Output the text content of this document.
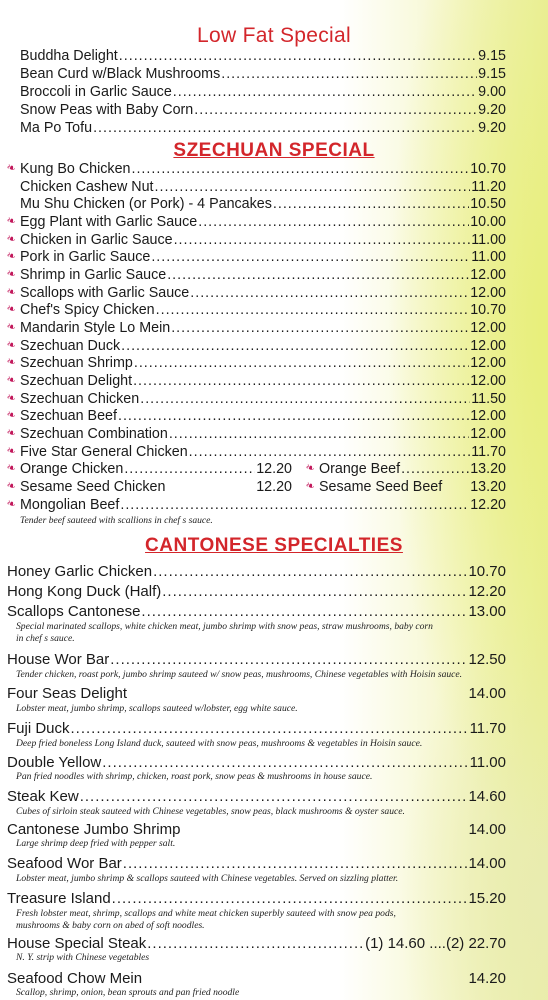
Low Fat Special
Buddha Delight .....	9.15
Bean Curd w/Black Mushrooms .....	9.15
Broccoli in Garlic Sauce .....	9.00
Snow Peas with Baby Corn .....	9.20
Ma Po Tofu .....	9.20
SZECHUAN SPECIAL
❧ Kung Bo Chicken .....	10.70
Chicken Cashew Nut .....	11.20
Mu Shu Chicken (or Pork) - 4 Pancakes .....	10.50
❧ Egg Plant with Garlic Sauce .....	10.00
❧ Chicken in Garlic Sauce .....	11.00
❧ Pork in Garlic Sauce .....	11.00
❧ Shrimp in Garlic Sauce .....	12.00
❧ Scallops with Garlic Sauce .....	12.00
❧ Chef's Spicy Chicken .....	10.70
❧ Mandarin Style Lo Mein .....	12.00
❧ Szechuan Duck .....	12.00
❧ Szechuan Shrimp .....	12.00
❧ Szechuan Delight .....	12.00
❧ Szechuan Chicken .....	11.50
❧ Szechuan Beef .....	12.00
❧ Szechuan Combination .....	12.00
❧ Five Star General Chicken .....	11.70
❧ Orange Chicken .....	12.20 ❧ Orange Beef .....	13.20
❧ Sesame Seed Chicken	12.20 ❧ Sesame Seed Beef 13.20
❧ Mongolian Beef .....	12.20
Tender beef sauteed with scallions in chef s sauce.
CANTONESE SPECIALTIES
Honey Garlic Chicken .....	10.70
Hong Kong Duck (Half) .....	12.20
Scallops Cantonese .....	13.00
Special marinated scallops, white chicken meat, jumbo shrimp with snow peas, straw mushrooms, baby corn
in chef s sauce.
House Wor Bar .....	12.50
Tender chicken, roast pork, jumbo shrimp sauteed w/ snow peas, mushrooms, Chinese vegetables with Hoisin sauce.
Four Seas Delight	14.00
Lobster meat, jumbo shrimp, scallops sauteed w/lobster, egg white sauce.
Fuji Duck .....	11.70
Deep fried boneless Long Island duck, sauteed with snow peas, mushrooms & vegetables in Hoisin sauce.
Double Yellow .....	11.00
Pan fried noodles with shrimp, chicken, roast pork, snow peas & mushrooms in house sauce.
Steak Kew .....	14.60
Cubes of sirloin steak sauteed with Chinese vegetables, snow peas, black mushrooms & oyster sauce.
Cantonese Jumbo Shrimp	14.00
Large shrimp deep fried with pepper salt.
Seafood Wor Bar .....	14.00
Lobster meat, jumbo shrimp & scallops sauteed with Chinese vegetables. Served on sizzling platter.
Treasure Island .....	15.20
Fresh lobster meat, shrimp, scallops and white meat chicken superbly sauteed with snow pea pods,
mushrooms & baby corn on abed of soft noodles.
House Special Steak .....	(1) 14.60 ....(2) 22.70
N. Y. strip with Chinese vegetables
Seafood Chow Mein	14.20
Scallop, shrimp, onion, bean sprouts and pan fried noodle
